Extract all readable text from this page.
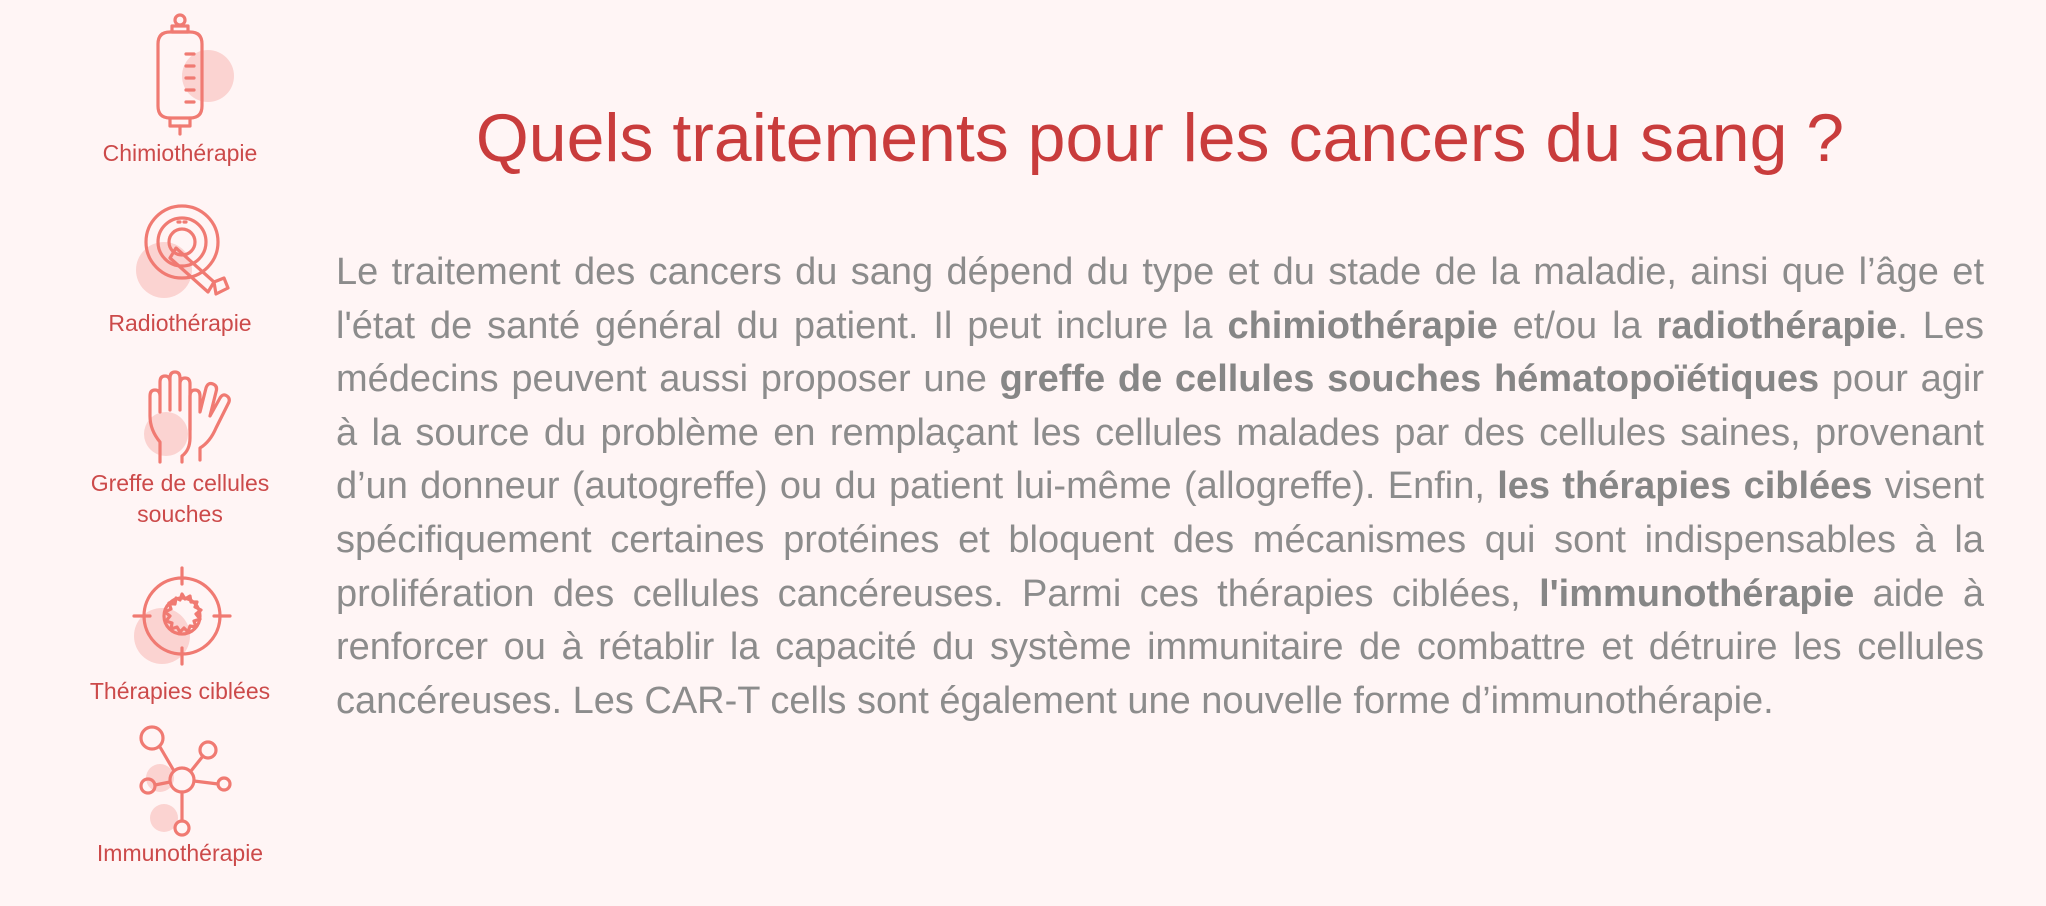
Chimiothérapie
Radiothérapie
Greffe de cellules
souches
Thérapies ciblées
Immunothérapie
Quels traitements pour les cancers du sang ?

Le traitement des cancers du sang dépend du type et du stade de la maladie, ainsi que l’âge et l'état de santé général du patient. Il peut inclure la chimiothérapie et/ou la radiothérapie. Les médecins peuvent aussi proposer une greffe de cellules souches hématopoïétiques pour agir à la source du problème en remplaçant les cellules malades par des cellules saines, provenant d’un donneur (autogreffe) ou du patient lui-même (allogreffe). Enfin, les thérapies ciblées visent spécifiquement certaines protéines et bloquent des mécanismes qui sont indispensables à la prolifération des cellules cancéreuses. Parmi ces thérapies ciblées, l'immunothérapie aide à renforcer ou à rétablir la capacité du système immunitaire de combattre et détruire les cellules cancéreuses. Les CAR-T cells sont également une nouvelle forme d’immunothérapie.
